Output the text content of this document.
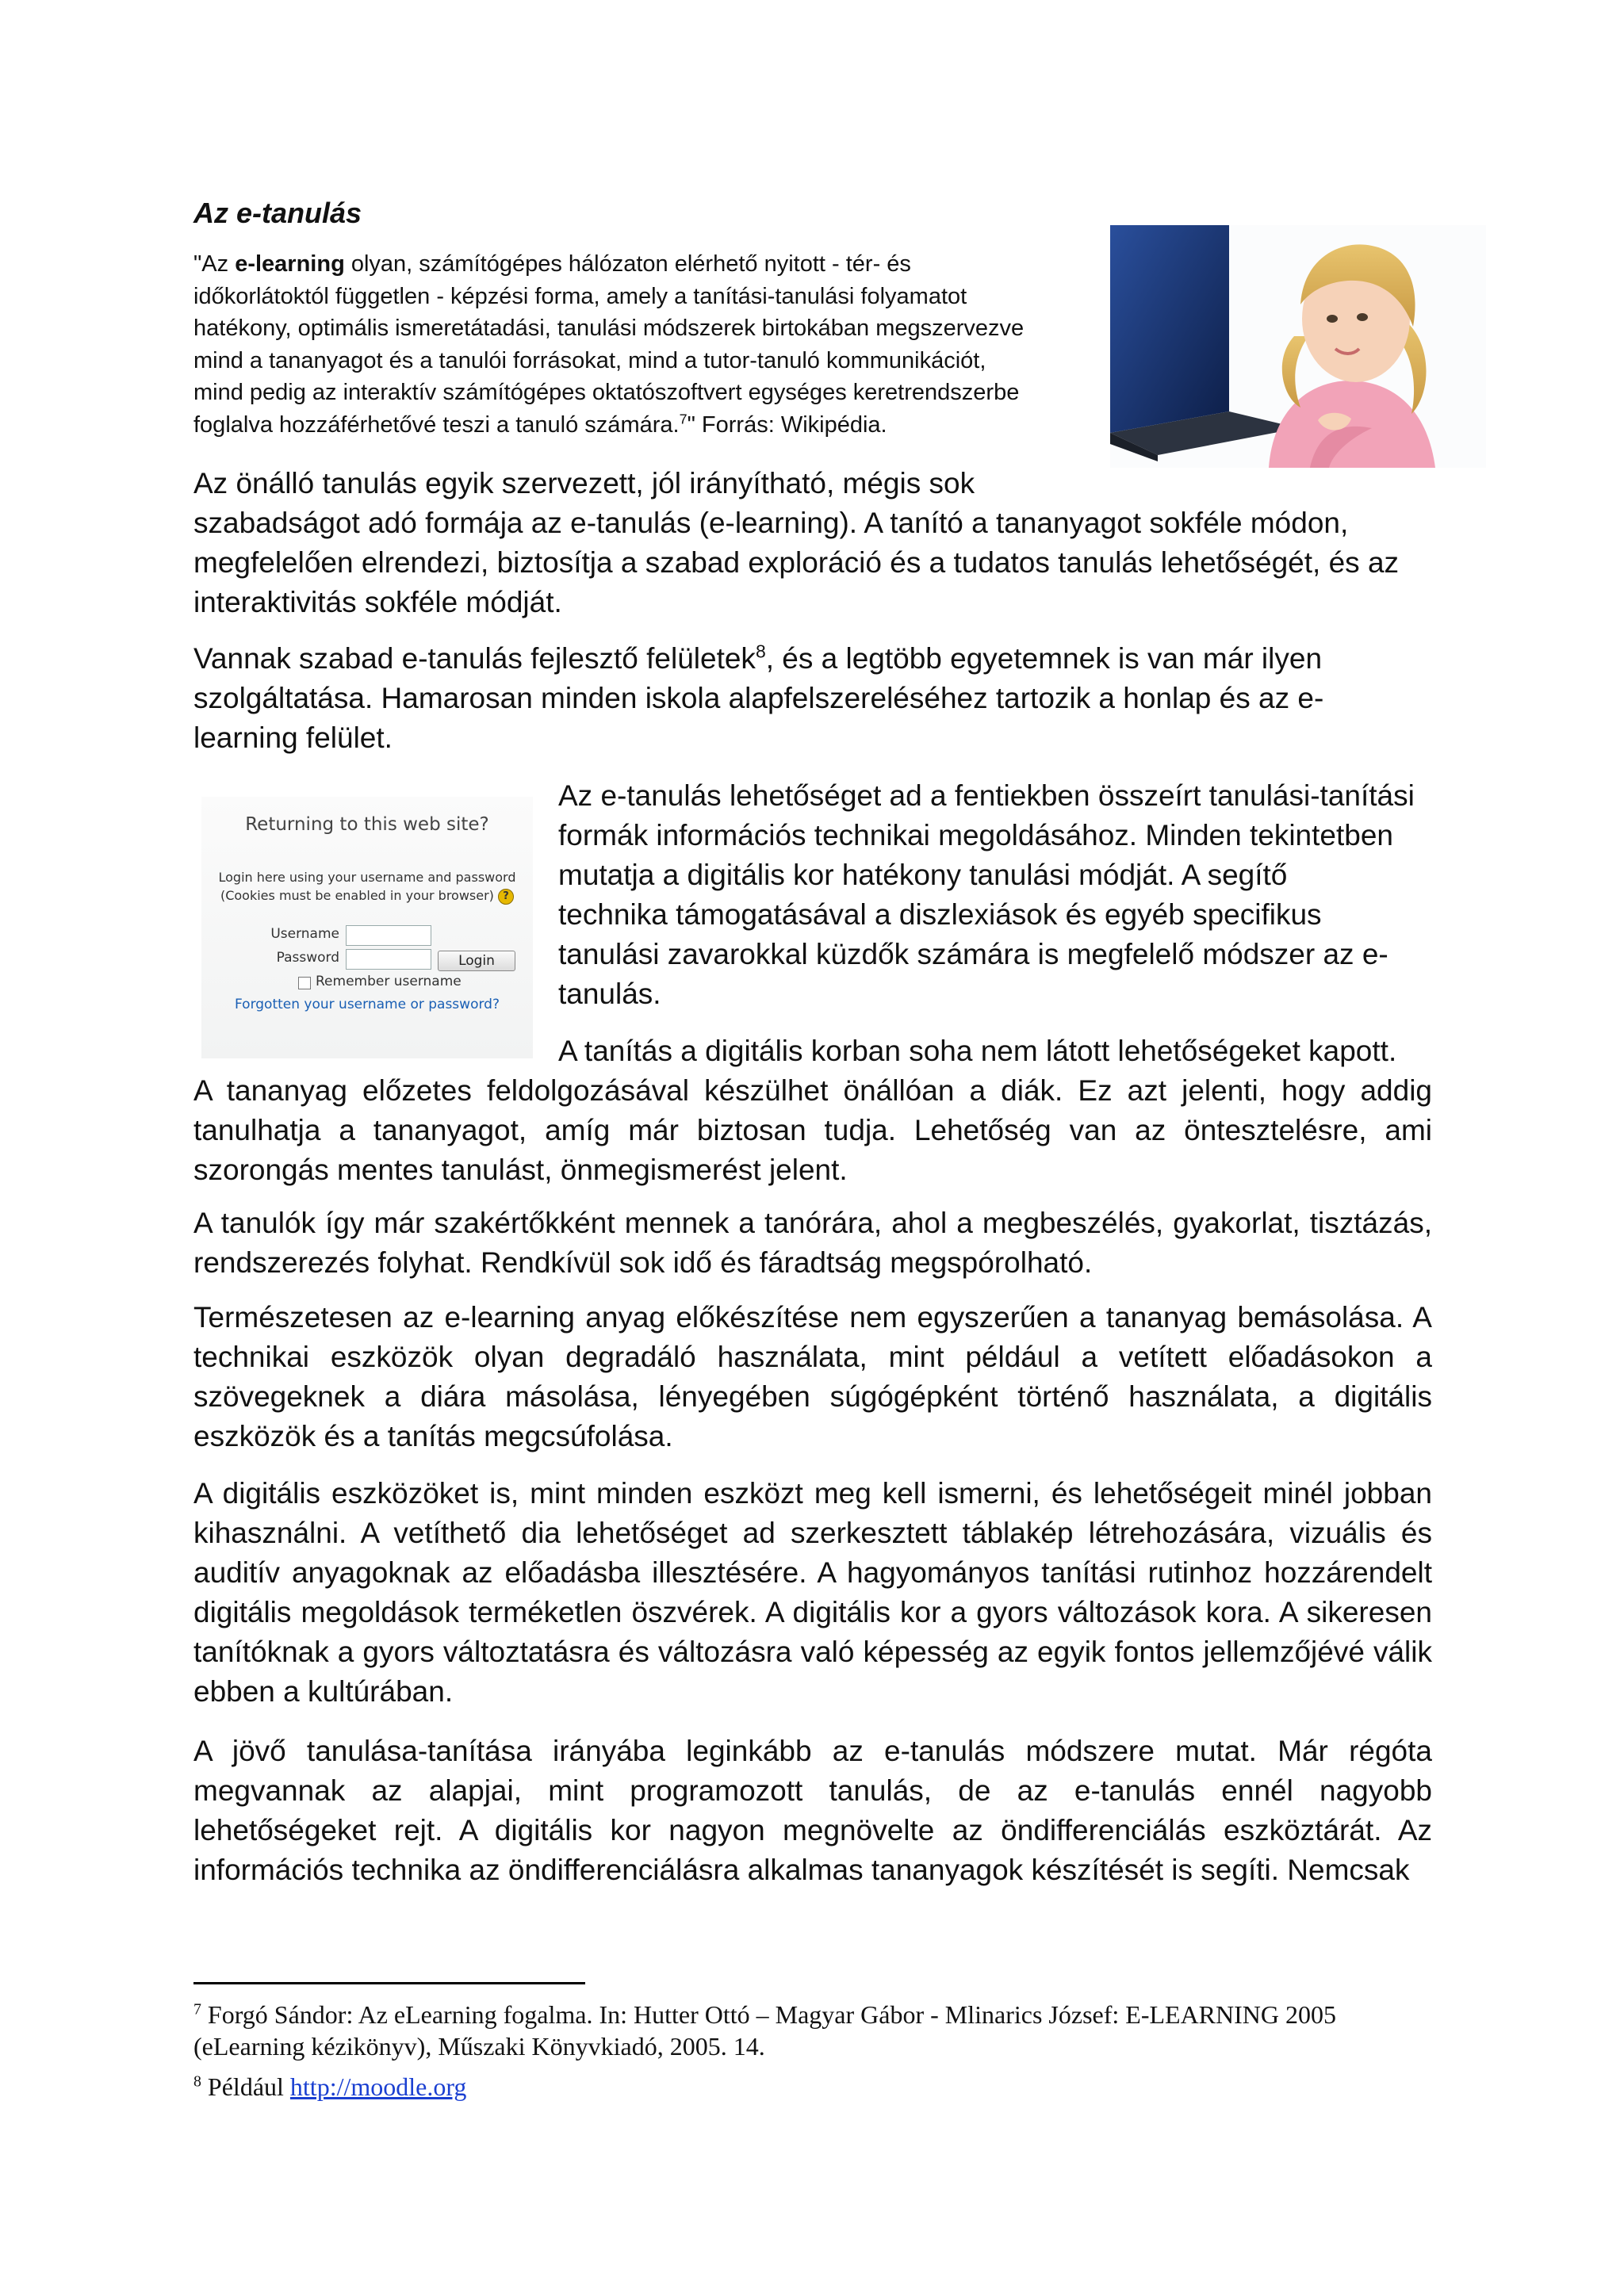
Az e-tanulás

"Az e-learning olyan, számítógépes hálózaton elérhető nyitott - tér- és
időkorlátoktól független - képzési forma, amely a tanítási-tanulási folyamatot
hatékony, optimális ismeretátadási, tanulási módszerek birtokában megszervezve
mind a tananyagot és a tanulói forrásokat, mind a tutor-tanuló kommunikációt,
mind pedig az interaktív számítógépes oktatószoftvert egységes keretrendszerbe
foglalva hozzáférhetővé teszi a tanuló számára.$^7$" Forrás: Wikipédia.

Az önálló tanulás egyik szervezett, jól irányítható, mégis sok
szabadságot adó formája az e-tanulás (e-learning). A tanító a tananyagot sokféle módon,
megfelelően elrendezi, biztosítja a szabad exploráció és a tudatos tanulás lehetőségét, és az
interaktivitás sokféle módját.

Vannak szabad e-tanulás fejlesztő felületek$^8$, és a legtöbb egyetemnek is van már ilyen
szolgáltatása. Hamarosan minden iskola alapfelszereléséhez tartozik a honlap és az e-
learning felület.

Returning to this web site?
Login here using your username and password
(Cookies must be enabled in your browser) ?
Username
Password	Login
Remember username
Forgotten your username or password?

Az e-tanulás lehetőséget ad a fentiekben összeírt tanulási-tanítási
formák információs technikai megoldásához. Minden tekintetben
mutatja a digitális kor hatékony tanulási módját. A segítő
technika támogatásával a diszlexiások és egyéb specifikus
tanulási zavarokkal küzdők számára is megfelelő módszer az e-
tanulás.

A tanítás a digitális korban soha nem látott lehetőségeket kapott.

A tananyag előzetes feldolgozásával készülhet önállóan a diák. Ez azt jelenti, hogy addig tanulhatja a tananyagot, amíg már biztosan tudja. Lehetőség van az öntesztelésre, ami szorongás mentes tanulást, önmegismerést jelent.

A tanulók így már szakértőkként mennek a tanórára, ahol a megbeszélés, gyakorlat, tisztázás, rendszerezés folyhat. Rendkívül sok idő és fáradtság megspórolható.

Természetesen az e-learning anyag előkészítése nem egyszerűen a tananyag bemásolása. A technikai eszközök olyan degradáló használata, mint például a vetített előadásokon a szövegeknek a diára másolása, lényegében súgógépként történő használata, a digitális eszközök és a tanítás megcsúfolása.

A digitális eszközöket is, mint minden eszközt meg kell ismerni, és lehetőségeit minél jobban kihasználni. A vetíthető dia lehetőséget ad szerkesztett táblakép létrehozására, vizuális és auditív anyagoknak az előadásba illesztésére. A hagyományos tanítási rutinhoz hozzárendelt digitális megoldások terméketlen öszvérek. A digitális kor a gyors változások kora. A sikeresen tanítóknak a gyors változtatásra és változásra való képesség az egyik fontos jellemzőjévé válik ebben a kultúrában.

A jövő tanulása-tanítása irányába leginkább az e-tanulás módszere mutat. Már régóta megvannak az alapjai, mint programozott tanulás, de az e-tanulás ennél nagyobb lehetőségeket rejt. A digitális kor nagyon megnövelte az öndifferenciálás eszköztárát. Az információs technika az öndifferenciálásra alkalmas tananyagok készítését is segíti. Nemcsak

$^7$ Forgó Sándor: Az eLearning fogalma. In: Hutter Ottó – Magyar Gábor - Mlinarics József: E-LEARNING 2005
(eLearning kézikönyv), Műszaki Könyvkiadó, 2005. 14.

$^8$ Például http://moodle.org
